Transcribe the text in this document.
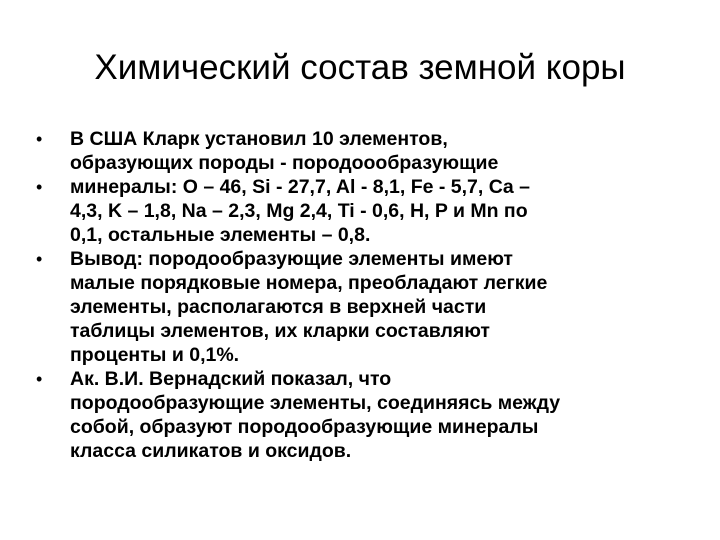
Химический состав земной коры
• В США Кларк установил 10 элементов,
образующих породы - породоообразующие
• минералы: О – 46, Si - 27,7, Al - 8,1, Fe - 5,7, Ca –
4,3, K – 1,8, Na – 2,3, Mg 2,4, Ti - 0,6, H, P и Mn по
0,1, остальные элементы – 0,8.
• Вывод: породообразующие элементы имеют
малые порядковые номера, преобладают легкие
элементы, располагаются в верхней части
таблицы элементов, их кларки составляют
проценты и 0,1%.
• Ак. В.И. Вернадский показал, что
породообразующие элементы, соединяясь между
собой, образуют породообразующие минералы
класса силикатов и оксидов.
